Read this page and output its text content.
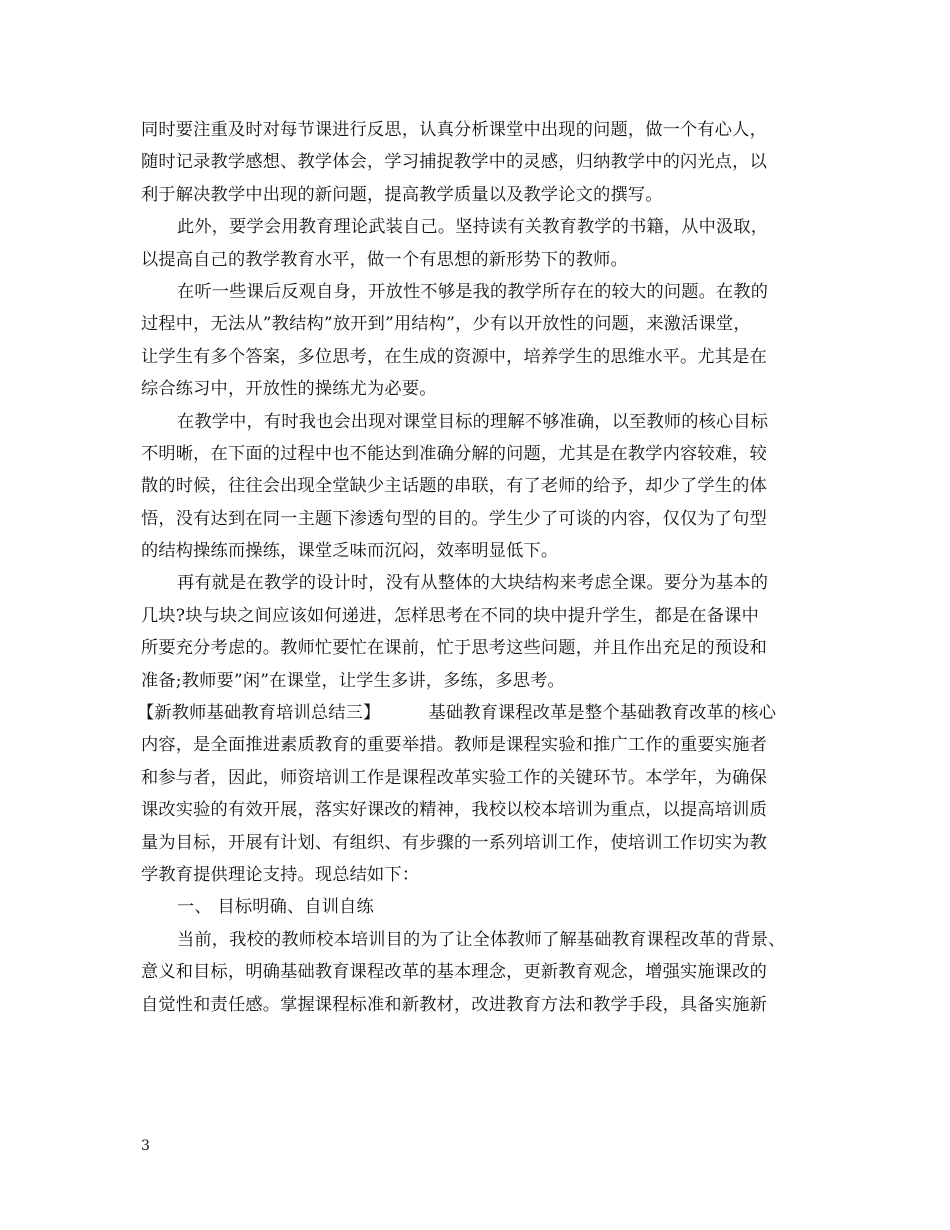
同时要注重及时对每节课进行反思，认真分析课堂中出现的问题，做一个有心人，
随时记录教学感想、教学体会，学习捕捉教学中的灵感，归纳教学中的闪光点，以
利于解决教学中出现的新问题，提高教学质量以及教学论文的撰写。
此外，要学会用教育理论武装自己。坚持读有关教育教学的书籍，从中汲取，
以提高自己的教学教育水平，做一个有思想的新形势下的教师。
在听一些课后反观自身，开放性不够是我的教学所存在的较大的问题。在教的
过程中，无法从”教结构”放开到”用结构”，少有以开放性的问题，来激活课堂，
让学生有多个答案，多位思考，在生成的资源中，培养学生的思维水平。尤其是在
综合练习中，开放性的操练尤为必要。
在教学中，有时我也会出现对课堂目标的理解不够准确，以至教师的核心目标
不明晰，在下面的过程中也不能达到准确分解的问题，尤其是在教学内容较难，较
散的时候，往往会出现全堂缺少主话题的串联，有了老师的给予，却少了学生的体
悟，没有达到在同一主题下渗透句型的目的。学生少了可谈的内容，仅仅为了句型
的结构操练而操练，课堂乏味而沉闷，效率明显低下。
再有就是在教学的设计时，没有从整体的大块结构来考虑全课。要分为基本的
几块?块与块之间应该如何递进，怎样思考在不同的块中提升学生，都是在备课中
所要充分考虑的。教师忙要忙在课前，忙于思考这些问题，并且作出充足的预设和
准备;教师要”闲”在课堂，让学生多讲，多练，多思考。
【新教师基础教育培训总结三】	基础教育课程改革是整个基础教育改革的核心
内容，是全面推进素质教育的重要举措。教师是课程实验和推广工作的重要实施者
和参与者，因此，师资培训工作是课程改革实验工作的关键环节。本学年，为确保
课改实验的有效开展，落实好课改的精神，我校以校本培训为重点，以提高培训质
量为目标，开展有计划、有组织、有步骤的一系列培训工作，使培训工作切实为教
学教育提供理论支持。现总结如下：
一、 目标明确、自训自练
当前，我校的教师校本培训目的为了让全体教师了解基础教育课程改革的背景、
意义和目标，明确基础教育课程改革的基本理念，更新教育观念，增强实施课改的
自觉性和责任感。掌握课程标准和新教材，改进教育方法和教学手段，具备实施新
3
